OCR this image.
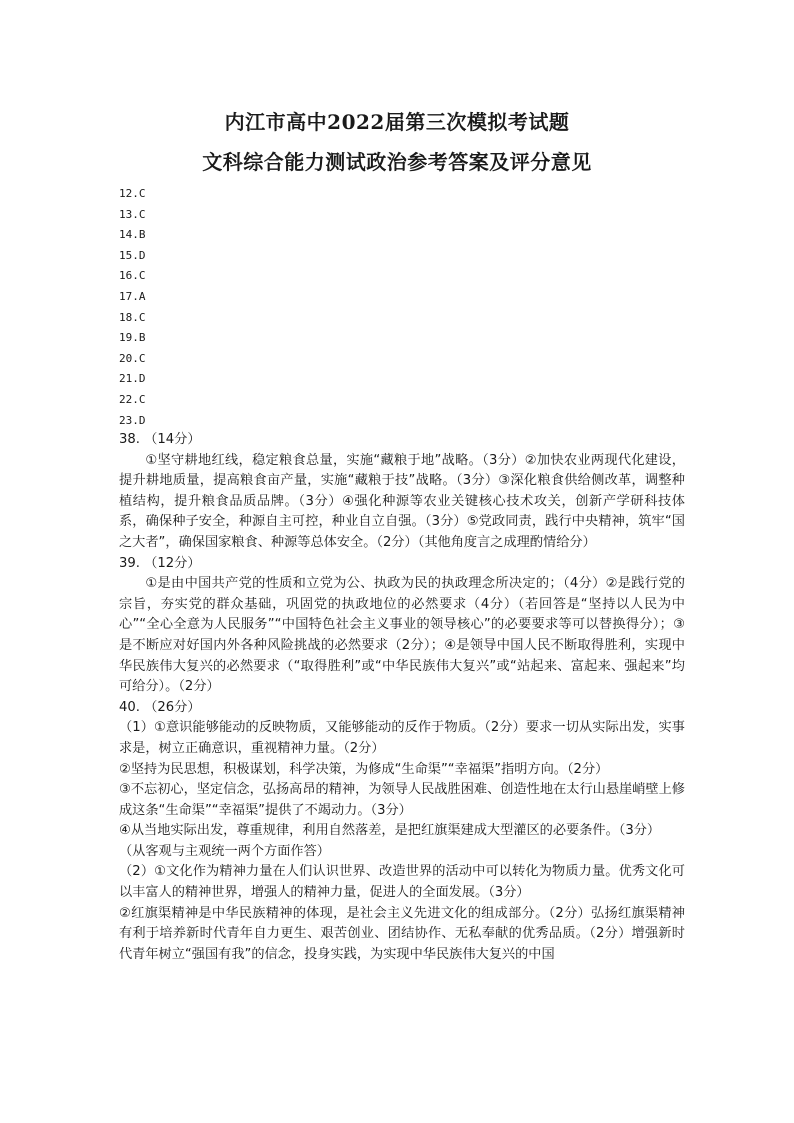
内江市高中2022届第三次模拟考试题
文科综合能力测试政治参考答案及评分意见
12.C
13.C
14.B
15.D
16.C
17.A
18.C
19.B
20.C
21.D
22.C
23.D
38. （14分）

①坚守耕地红线，稳定粮食总量，实施“藏粮于地”战略。（3分）②加快农业两现代化建设，提升耕地质量，提高粮食亩产量，实施“藏粮于技”战略。（3分）③深化粮食供给侧改革，调整种植结构，提升粮食品质品牌。（3分）④强化种源等农业关键核心技术攻关，创新产学研科技体系，确保种子安全，种源自主可控，种业自立自强。（3分）⑤党政同责，践行中央精神，筑牢“国之大者”，确保国家粮食、种源等总体安全。（2分）（其他角度言之成理酌情给分）

39. （12分）

①是由中国共产党的性质和立党为公、执政为民的执政理念所决定的；（4分）②是践行党的宗旨，夯实党的群众基础，巩固党的执政地位的必然要求（4分）（若回答是“坚持以人民为中心”“全心全意为人民服务”“中国特色社会主义事业的领导核心”的必要要求等可以替换得分）；③是不断应对好国内外各种风险挑战的必然要求（2分）；④是领导中国人民不断取得胜利，实现中华民族伟大复兴的必然要求（“取得胜利”或“中华民族伟大复兴”或“站起来、富起来、强起来”均可给分）。（2分）

40. （26分）

（1）①意识能够能动的反映物质，又能够能动的反作于物质。（2分）要求一切从实际出发，实事求是，树立正确意识，重视精神力量。（2分）

②坚持为民思想，积极谋划，科学决策，为修成“生命渠”“幸福渠”指明方向。（2分）

③不忘初心，坚定信念，弘扬高昂的精神，为领导人民战胜困难、创造性地在太行山悬崖峭壁上修成这条“生命渠”“幸福渠”提供了不竭动力。（3分）

④从当地实际出发，尊重规律，利用自然落差，是把红旗渠建成大型灌区的必要条件。（3分）

（从客观与主观统一两个方面作答）

（2）①文化作为精神力量在人们认识世界、改造世界的活动中可以转化为物质力量。优秀文化可以丰富人的精神世界，增强人的精神力量，促进人的全面发展。（3分）

②红旗渠精神是中华民族精神的体现，是社会主义先进文化的组成部分。（2分）弘扬红旗渠精神有利于培养新时代青年自力更生、艰苦创业、团结协作、无私奉献的优秀品质。（2分）增强新时代青年树立“强国有我”的信念，投身实践，为实现中华民族伟大复兴的中国
